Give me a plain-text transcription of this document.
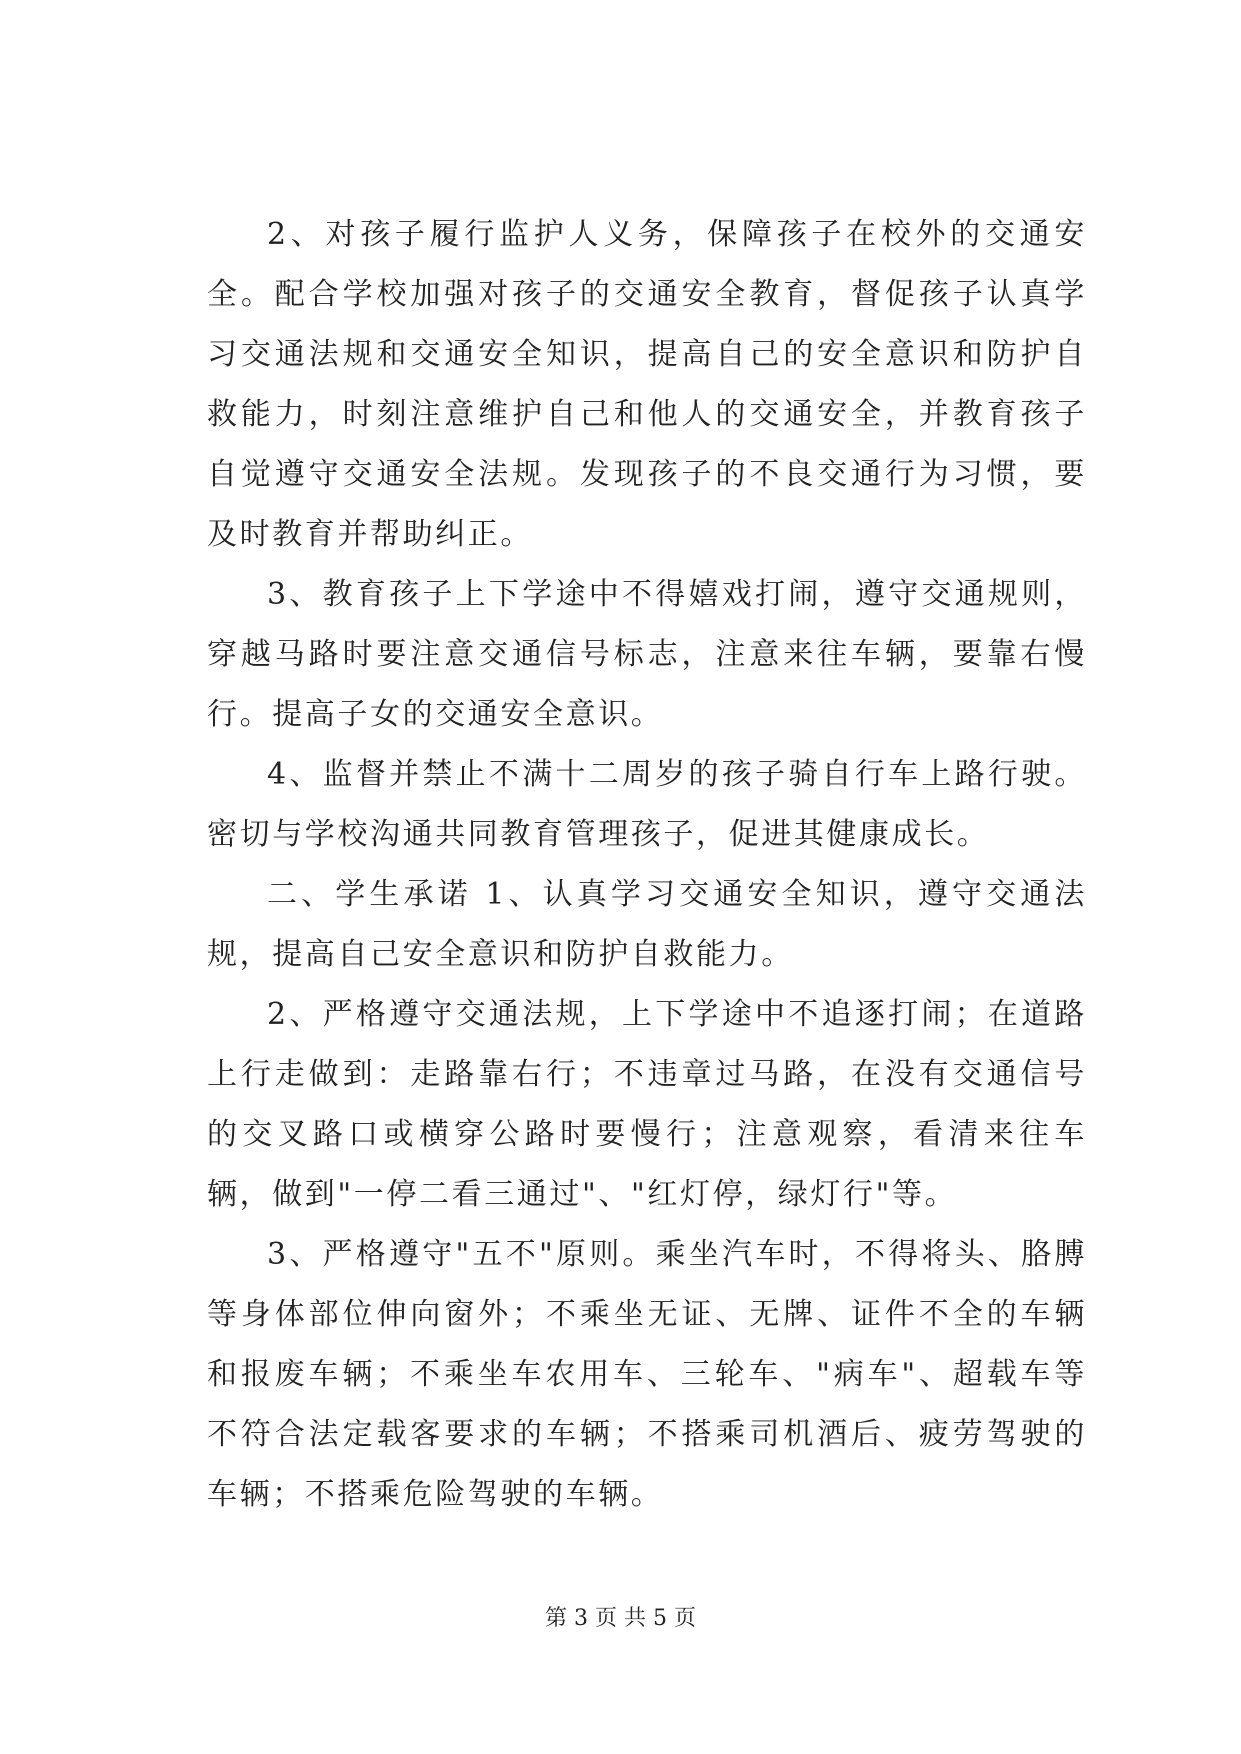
2、对孩子履行监护人义务，保障孩子在校外的交通安全。配合学校加强对孩子的交通安全教育，督促孩子认真学习交通法规和交通安全知识，提高自己的安全意识和防护自救能力，时刻注意维护自己和他人的交通安全，并教育孩子自觉遵守交通安全法规。发现孩子的不良交通行为习惯，要及时教育并帮助纠正。

3、教育孩子上下学途中不得嬉戏打闹，遵守交通规则，穿越马路时要注意交通信号标志，注意来往车辆，要靠右慢行。提高子女的交通安全意识。

4、监督并禁止不满十二周岁的孩子骑自行车上路行驶。密切与学校沟通共同教育管理孩子，促进其健康成长。

二、学生承诺 1、认真学习交通安全知识，遵守交通法规，提高自己安全意识和防护自救能力。

2、严格遵守交通法规，上下学途中不追逐打闹；在道路上行走做到：走路靠右行；不违章过马路，在没有交通信号的交叉路口或横穿公路时要慢行；注意观察，看清来往车辆，做到"一停二看三通过"、"红灯停，绿灯行"等。

3、严格遵守"五不"原则。乘坐汽车时，不得将头、胳膊等身体部位伸向窗外；不乘坐无证、无牌、证件不全的车辆和报废车辆；不乘坐车农用车、三轮车、"病车"、超载车等不符合法定载客要求的车辆；不搭乘司机酒后、疲劳驾驶的车辆；不搭乘危险驾驶的车辆。

第 3 页 共 5 页
